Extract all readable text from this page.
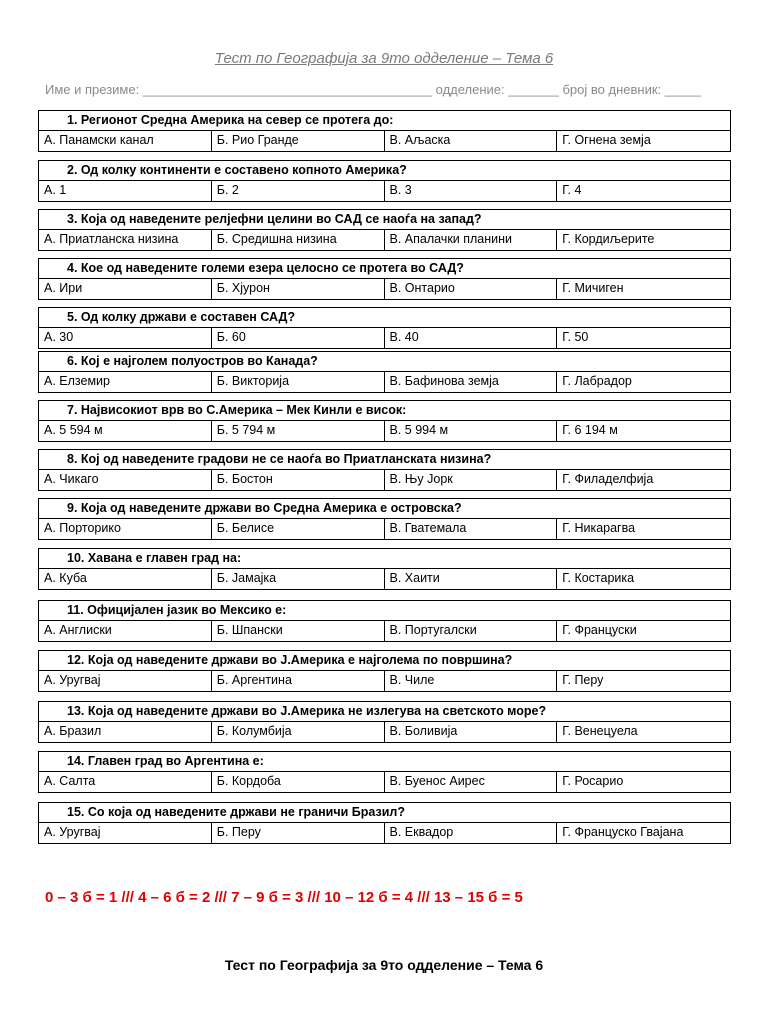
Тест по Географија за 9то одделение – Тема 6
Име и презиме: ________________________________________ одделение: _______ број во дневник: _____
1. Регионот Средна Америка на север се протега до:
А. Панамски канал	Б. Рио Гранде	В. Аљаска	Г. Огнена земја
2. Од колку континенти е составено копното Америка?
А. 1	Б. 2	В. 3	Г. 4
3. Која од наведените релјефни целини во САД се наоѓа на запад?
А. Приатланска низина	Б. Средишна низина	В. Апалачки планини	Г. Кордиљерите
4. Кое од наведените големи езера целосно се протега во САД?
А. Ири	Б. Хјурон	В. Онтарио	Г. Мичиген
5. Од колку држави е составен САД?
А. 30	Б. 60	В. 40	Г. 50
6. Кој е најголем полуостров во Канада?
А. Елземир	Б. Викторија	В. Бафинова земја	Г. Лабрадор
7. Највисокиот врв во С.Америка – Мек Кинли е висок:
А. 5 594 м	Б. 5 794 м	В. 5 994 м	Г. 6 194 м
8. Кој од наведените градови не се наоѓа во Приатланската низина?
А. Чикаго	Б. Бостон	В. Њу Јорк	Г. Филаделфија
9. Која од наведените држави во Средна Америка е островска?
А. Порторико	Б. Белисе	В. Гватемала	Г. Никарагва
10. Хавана е главен град на:
А. Куба	Б. Јамајка	В. Хаити	Г. Костарика
11. Официјален јазик во Мексико е:
А. Англиски	Б. Шпански	В. Португалски	Г. Француски
12. Која од наведените држави во Ј.Америка е најголема по површина?
А. Уругвај	Б. Аргентина	В. Чиле	Г. Перу
13. Која од наведените држави во Ј.Америка не излегува на светското море?
А. Бразил	Б. Колумбија	В. Боливија	Г. Венецуела
14. Главен град во Аргентина е:
А. Салта	Б. Кордоба	В. Буенос Аирес	Г. Росарио
15. Со која од наведените држави не граничи Бразил?
А. Уругвај	Б. Перу	В. Еквадор	Г. Француско Гвајана
0 – 3 б = 1 /// 4 – 6 б = 2 /// 7 – 9 б = 3 /// 10 – 12 б = 4 /// 13 – 15 б = 5
Тест по Географија за 9то одделение – Тема 6
